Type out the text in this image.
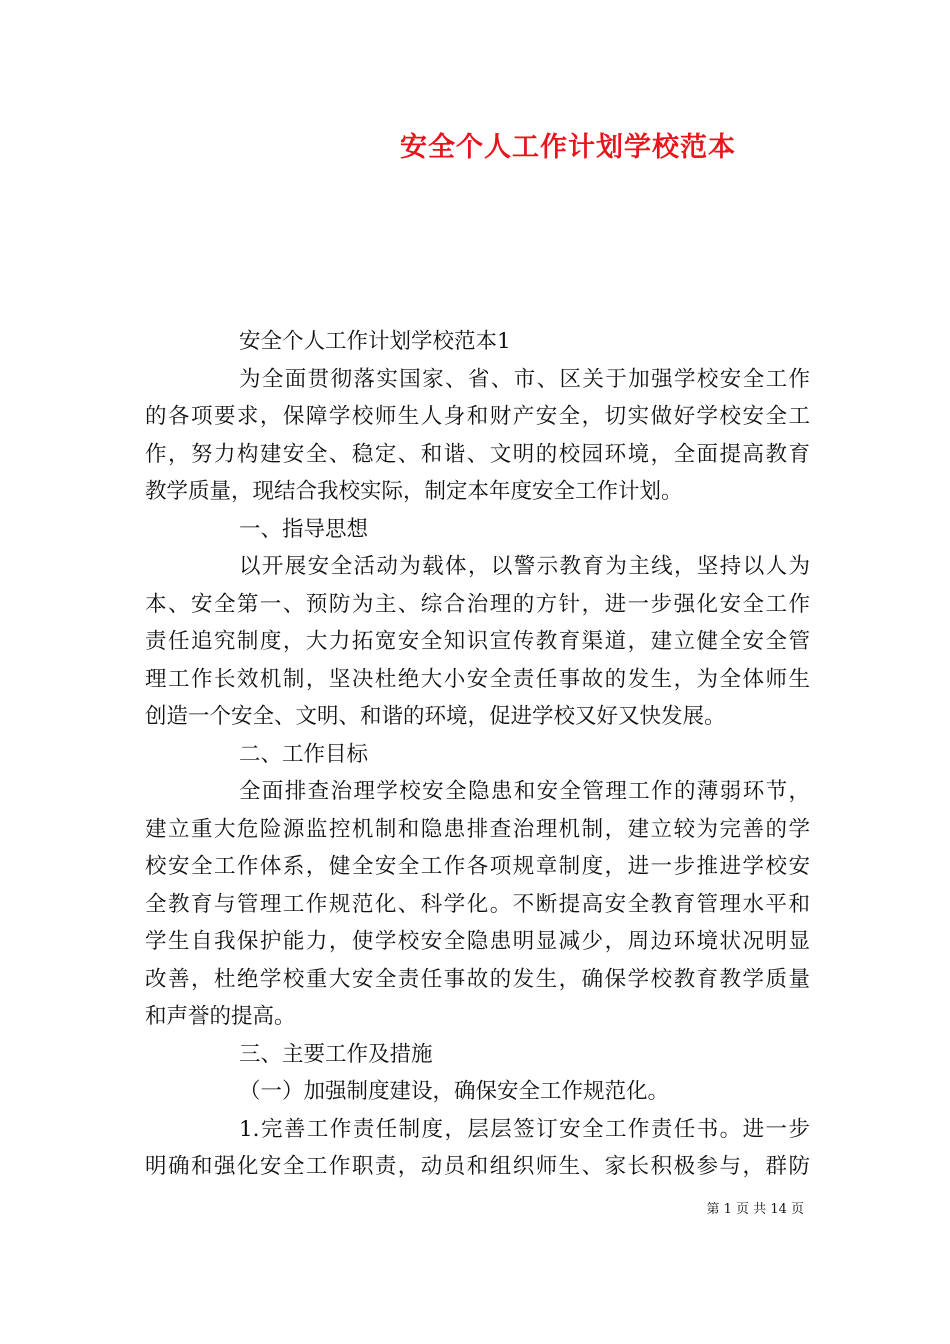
安全个人工作计划学校范本
安全个人工作计划学校范本1
为全面贯彻落实国家、省、市、区关于加强学校安全工作
的各项要求，保障学校师生人身和财产安全，切实做好学校安全工
作，努力构建安全、稳定、和谐、文明的校园环境，全面提高教育
教学质量，现结合我校实际，制定本年度安全工作计划。
一、指导思想
以开展安全活动为载体，以警示教育为主线，坚持以人为
本、安全第一、预防为主、综合治理的方针，进一步强化安全工作
责任追究制度，大力拓宽安全知识宣传教育渠道，建立健全安全管
理工作长效机制，坚决杜绝大小安全责任事故的发生，为全体师生
创造一个安全、文明、和谐的环境，促进学校又好又快发展。
二、工作目标
全面排查治理学校安全隐患和安全管理工作的薄弱环节，
建立重大危险源监控机制和隐患排查治理机制，建立较为完善的学
校安全工作体系，健全安全工作各项规章制度，进一步推进学校安
全教育与管理工作规范化、科学化。不断提高安全教育管理水平和
学生自我保护能力，使学校安全隐患明显减少，周边环境状况明显
改善，杜绝学校重大安全责任事故的发生，确保学校教育教学质量
和声誉的提高。
三、主要工作及措施
（一）加强制度建设，确保安全工作规范化。
1.完善工作责任制度，层层签订安全工作责任书。进一步
明确和强化安全工作职责，动员和组织师生、家长积极参与，群防
第 1 页 共 14 页
